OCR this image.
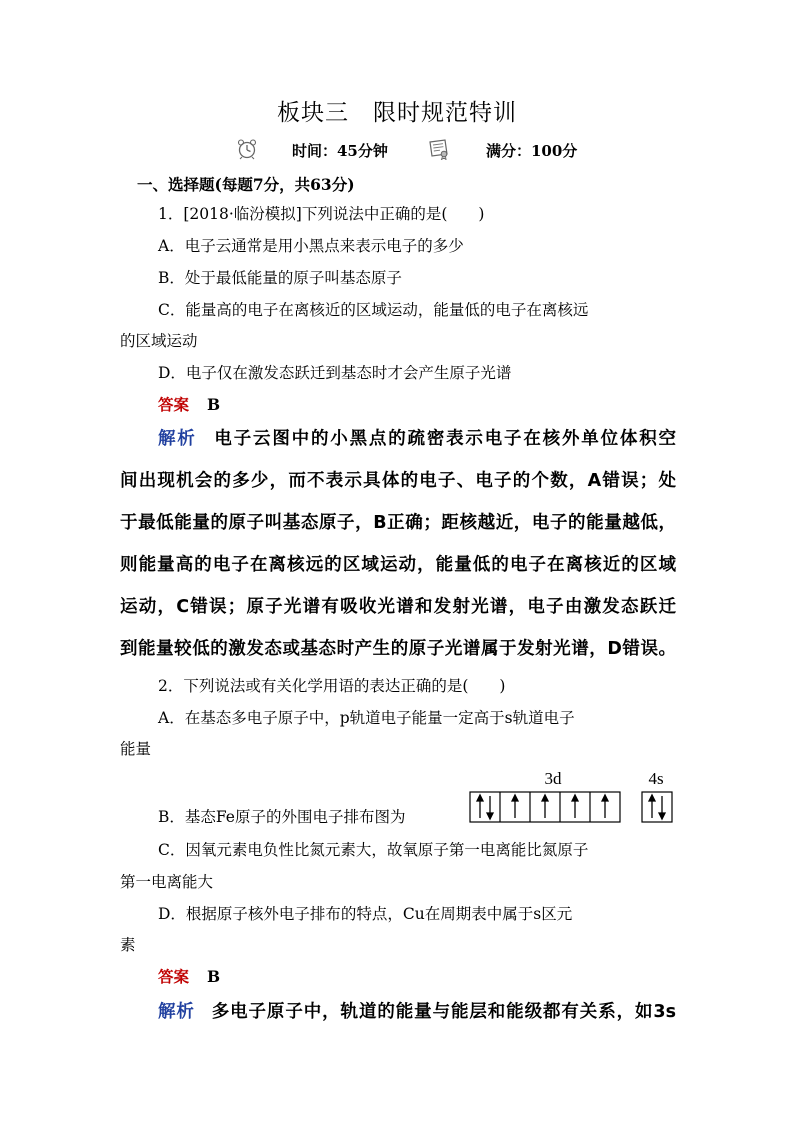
板块三　限时规范特训
时间：45分钟	满分：100分
一、选择题(每题7分，共63分)
1．[2018·临汾模拟]下列说法中正确的是(　　)
A．电子云通常是用小黑点来表示电子的多少
B．处于最低能量的原子叫基态原子
C．能量高的电子在离核近的区域运动，能量低的电子在离核远
的区域运动
D．电子仅在激发态跃迁到基态时才会产生原子光谱
答案 B
解析 电子云图中的小黑点的疏密表示电子在核外单位体积空
间出现机会的多少，而不表示具体的电子、电子的个数，A错误；处
于最低能量的原子叫基态原子，B正确；距核越近，电子的能量越低，
则能量高的电子在离核远的区域运动，能量低的电子在离核近的区域
运动，C错误；原子光谱有吸收光谱和发射光谱，电子由激发态跃迁
到能量较低的激发态或基态时产生的原子光谱属于发射光谱，D错误。
2．下列说法或有关化学用语的表达正确的是(　　)
A．在基态多电子原子中，p轨道电子能量一定高于s轨道电子
能量
3d	4s
B．基态Fe原子的外围电子排布图为
C．因氧元素电负性比氮元素大，故氧原子第一电离能比氮原子
第一电离能大
D．根据原子核外电子排布的特点，Cu在周期表中属于s区元
素
答案 B
解析 多电子原子中，轨道的能量与能层和能级都有关系，如3s
